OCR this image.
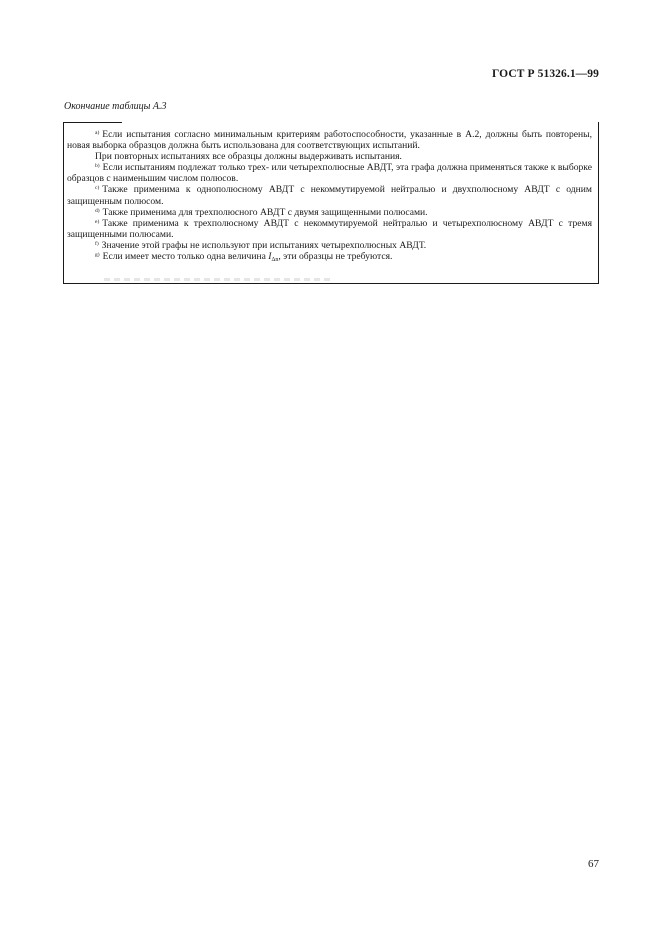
ГОСТ Р 51326.1—99
Окончание таблицы А.3

$^{a)}$ Если испытания согласно минимальным критериям работоспособности, указанные в А.2, должны быть повторены, новая выборка образцов должна быть использована для соответствующих испытаний.

При повторных испытаниях все образцы должны выдерживать испытания.

$^{b)}$ Если испытаниям подлежат только трех- или четырехполюсные АВДТ, эта графа должна применяться также к выборке образцов с наименьшим числом полюсов.

$^{c)}$ Также применима к однополюсному АВДТ с некоммутируемой нейтралью и двухполюсному АВДТ с одним защищенным полюсом.

$^{d)}$ Также применима для трехполюсного АВДТ с двумя защищенными полюсами.

$^{e)}$ Также применима к трехполюсному АВДТ с некоммутируемой нейтралью и четырехполюсному АВДТ с тремя защищенными полюсами.

$^{f)}$ Значение этой графы не используют при испытаниях четырехполюсных АВДТ.

$^{g)}$ Если имеет место только одна величина $I_{\Delta n}$, эти образцы не требуются.

67
